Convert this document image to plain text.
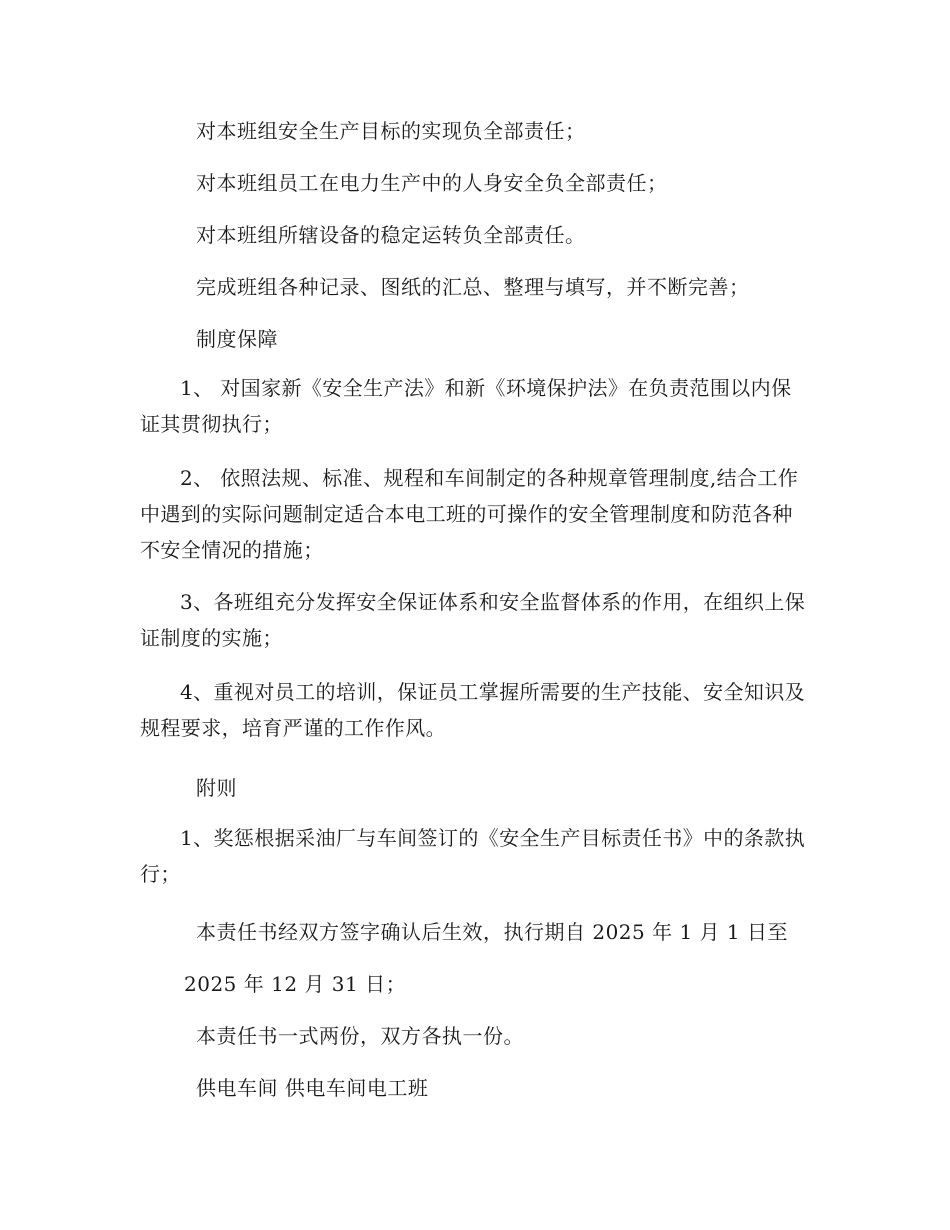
对本班组安全生产目标的实现负全部责任；
对本班组员工在电力生产中的人身安全负全部责任；
对本班组所辖设备的稳定运转负全部责任。
完成班组各种记录、图纸的汇总、整理与填写，并不断完善；
制度保障
1、 对国家新《安全生产法》和新《环境保护法》在负责范围以内保证其贯彻执行；
2、 依照法规、标准、规程和车间制定的各种规章管理制度,结合工作中遇到的实际问题制定适合本电工班的可操作的安全管理制度和防范各种不安全情况的措施；
3、各班组充分发挥安全保证体系和安全监督体系的作用，在组织上保证制度的实施；
4、重视对员工的培训，保证员工掌握所需要的生产技能、安全知识及规程要求，培育严谨的工作作风。
附则
1、奖惩根据采油厂与车间签订的《安全生产目标责任书》中的条款执行；
本责任书经双方签字确认后生效，执行期自 2025 年 1 月 1 日至
2025 年 12 月 31 日；
本责任书一式两份，双方各执一份。
供电车间 供电车间电工班
